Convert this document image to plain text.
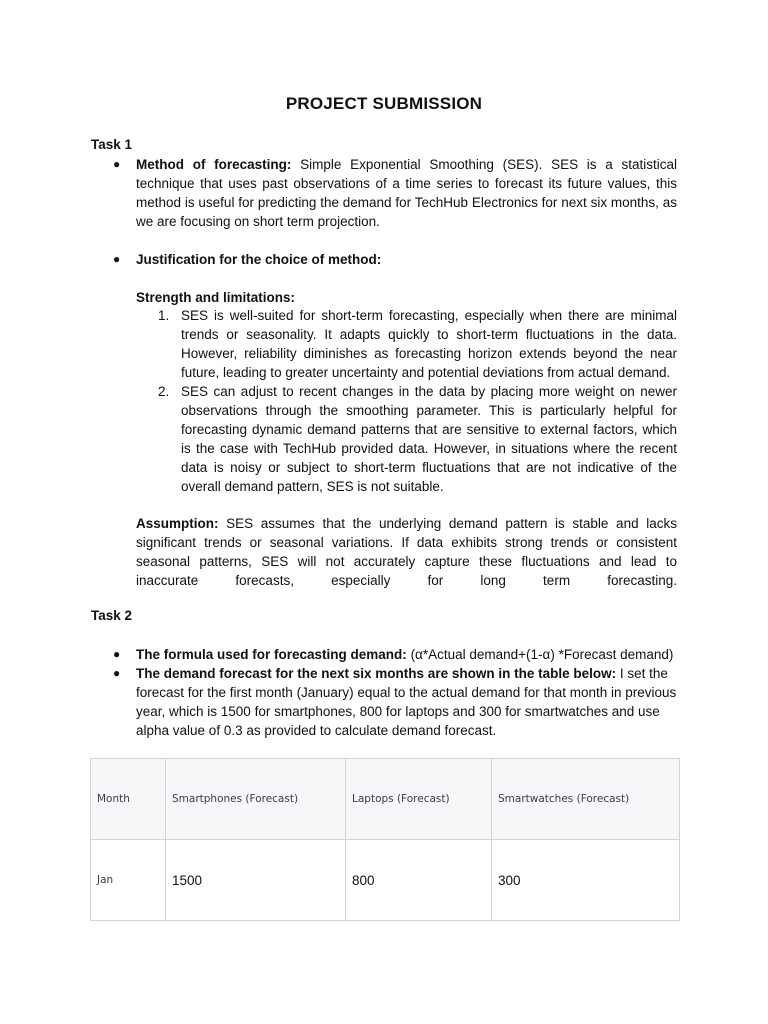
PROJECT SUBMISSION
Task 1
● Method of forecasting: Simple Exponential Smoothing (SES). SES is a statistical technique that uses past observations of a time series to forecast its future values, this method is useful for predicting the demand for TechHub Electronics for next six months, as we are focusing on short term projection.
● Justification for the choice of method:
Strength and limitations:
1. SES is well-suited for short-term forecasting, especially when there are minimal trends or seasonality. It adapts quickly to short-term fluctuations in the data. However, reliability diminishes as forecasting horizon extends beyond the near future, leading to greater uncertainty and potential deviations from actual demand.
2. SES can adjust to recent changes in the data by placing more weight on newer observations through the smoothing parameter. This is particularly helpful for forecasting dynamic demand patterns that are sensitive to external factors, which is the case with TechHub provided data. However, in situations where the recent data is noisy or subject to short-term fluctuations that are not indicative of the overall demand pattern, SES is not suitable.
Assumption: SES assumes that the underlying demand pattern is stable and lacks significant trends or seasonal variations. If data exhibits strong trends or consistent seasonal patterns, SES will not accurately capture these fluctuations and lead to inaccurate forecasts, especially for long term forecasting.
Task 2
● The formula used for forecasting demand: (α*Actual demand+(1-α) *Forecast demand)
● The demand forecast for the next six months are shown in the table below: I set the forecast for the first month (January) equal to the actual demand for that month in previous year, which is 1500 for smartphones, 800 for laptops and 300 for smartwatches and use alpha value of 0.3 as provided to calculate demand forecast.
Month	Smartphones (Forecast)	Laptops (Forecast)	Smartwatches (Forecast)
Jan	1500	800	300
